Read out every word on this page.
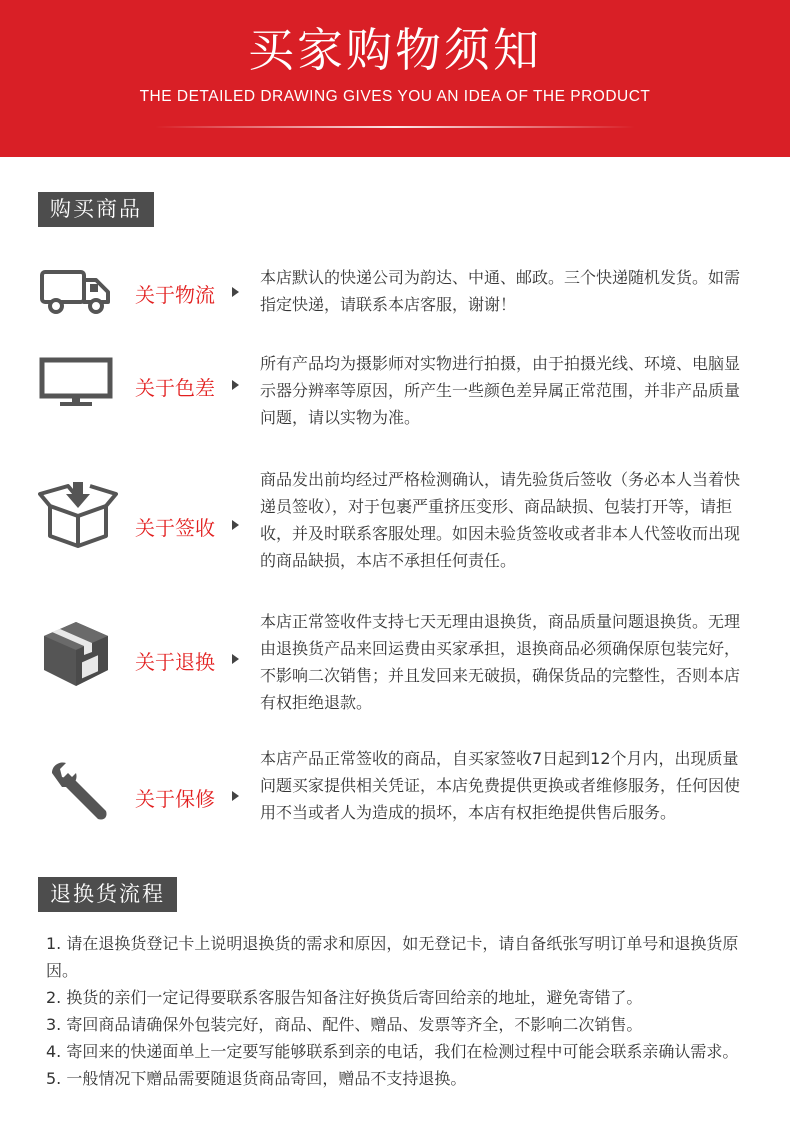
买家购物须知
THE DETAILED DRAWING GIVES YOU AN IDEA OF THE PRODUCT
购买商品
关于物流
本店默认的快递公司为韵达、中通、邮政。三个快递随机发货。如需指定快递，请联系本店客服，谢谢！
关于色差
所有产品均为摄影师对实物进行拍摄，由于拍摄光线、环境、电脑显示器分辨率等原因，所产生一些颜色差异属正常范围，并非产品质量问题，请以实物为准。
关于签收
商品发出前均经过严格检测确认，请先验货后签收（务必本人当着快递员签收），对于包裹严重挤压变形、商品缺损、包装打开等，请拒收，并及时联系客服处理。如因未验货签收或者非本人代签收而出现的商品缺损，本店不承担任何责任。
关于退换
本店正常签收件支持七天无理由退换货，商品质量问题退换货。无理由退换货产品来回运费由买家承担，退换商品必须确保原包装完好，不影响二次销售；并且发回来无破损，确保货品的完整性，否则本店有权拒绝退款。
关于保修
本店产品正常签收的商品，自买家签收7日起到12个月内，出现质量问题买家提供相关凭证，本店免费提供更换或者维修服务，任何因使用不当或者人为造成的损坏，本店有权拒绝提供售后服务。
退换货流程
1. 请在退换货登记卡上说明退换货的需求和原因，如无登记卡，请自备纸张写明订单号和退换货原因。
2. 换货的亲们一定记得要联系客服告知备注好换货后寄回给亲的地址，避免寄错了。
3. 寄回商品请确保外包装完好，商品、配件、赠品、发票等齐全，不影响二次销售。
4. 寄回来的快递面单上一定要写能够联系到亲的电话，我们在检测过程中可能会联系亲确认需求。
5. 一般情况下赠品需要随退货商品寄回，赠品不支持退换。
